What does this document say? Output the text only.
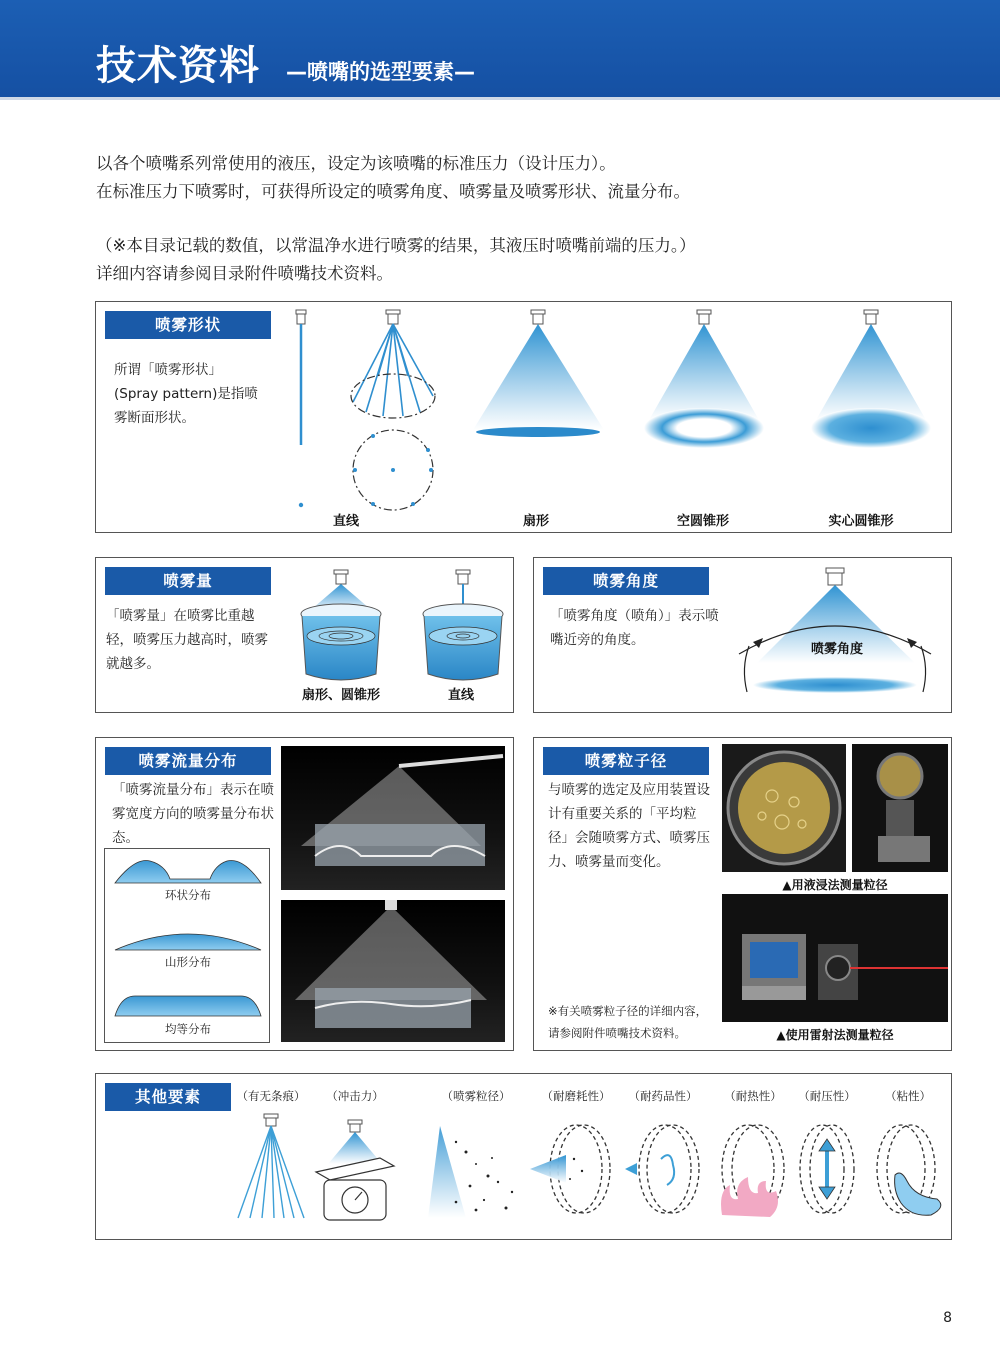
技术资料 —喷嘴的选型要素—
以各个喷嘴系列常使用的液压，设定为该喷嘴的标准压力（设计压力）。
在标准压力下喷雾时，可获得所设定的喷雾角度、喷雾量及喷雾形状、流量分布。
（※本目录记载的数值，以常温净水进行喷雾的结果，其液压时喷嘴前端的压力。）
详细内容请参阅目录附件喷嘴技术资料。
喷雾形状
所谓「喷雾形状」(Spray pattern)是指喷雾断面形状。
直线	扇形	空圆锥形	实心圆锥形
喷雾量
「喷雾量」在喷雾比重越轻，喷雾压力越高时，喷雾就越多。
扇形、圆锥形	直线
喷雾角度
「喷雾角度（喷角）」表示喷嘴近旁的角度。
喷雾角度
喷雾流量分布
「喷雾流量分布」表示在喷雾宽度方向的喷雾量分布状态。
环状分布
山形分布
均等分布
喷雾粒子径
与喷雾的选定及应用装置设计有重要关系的「平均粒径」会随喷雾方式、喷雾压力、喷雾量而变化。
※有关喷雾粒子径的详细内容，请参阅附件喷嘴技术资料。
▲用液浸法测量粒径
▲使用雷射法测量粒径
其他要素	（有无条痕）	（冲击力）	（喷雾粒径）	（耐磨耗性） （耐药品性）	（耐热性）	（耐压性）	（粘性）
8
